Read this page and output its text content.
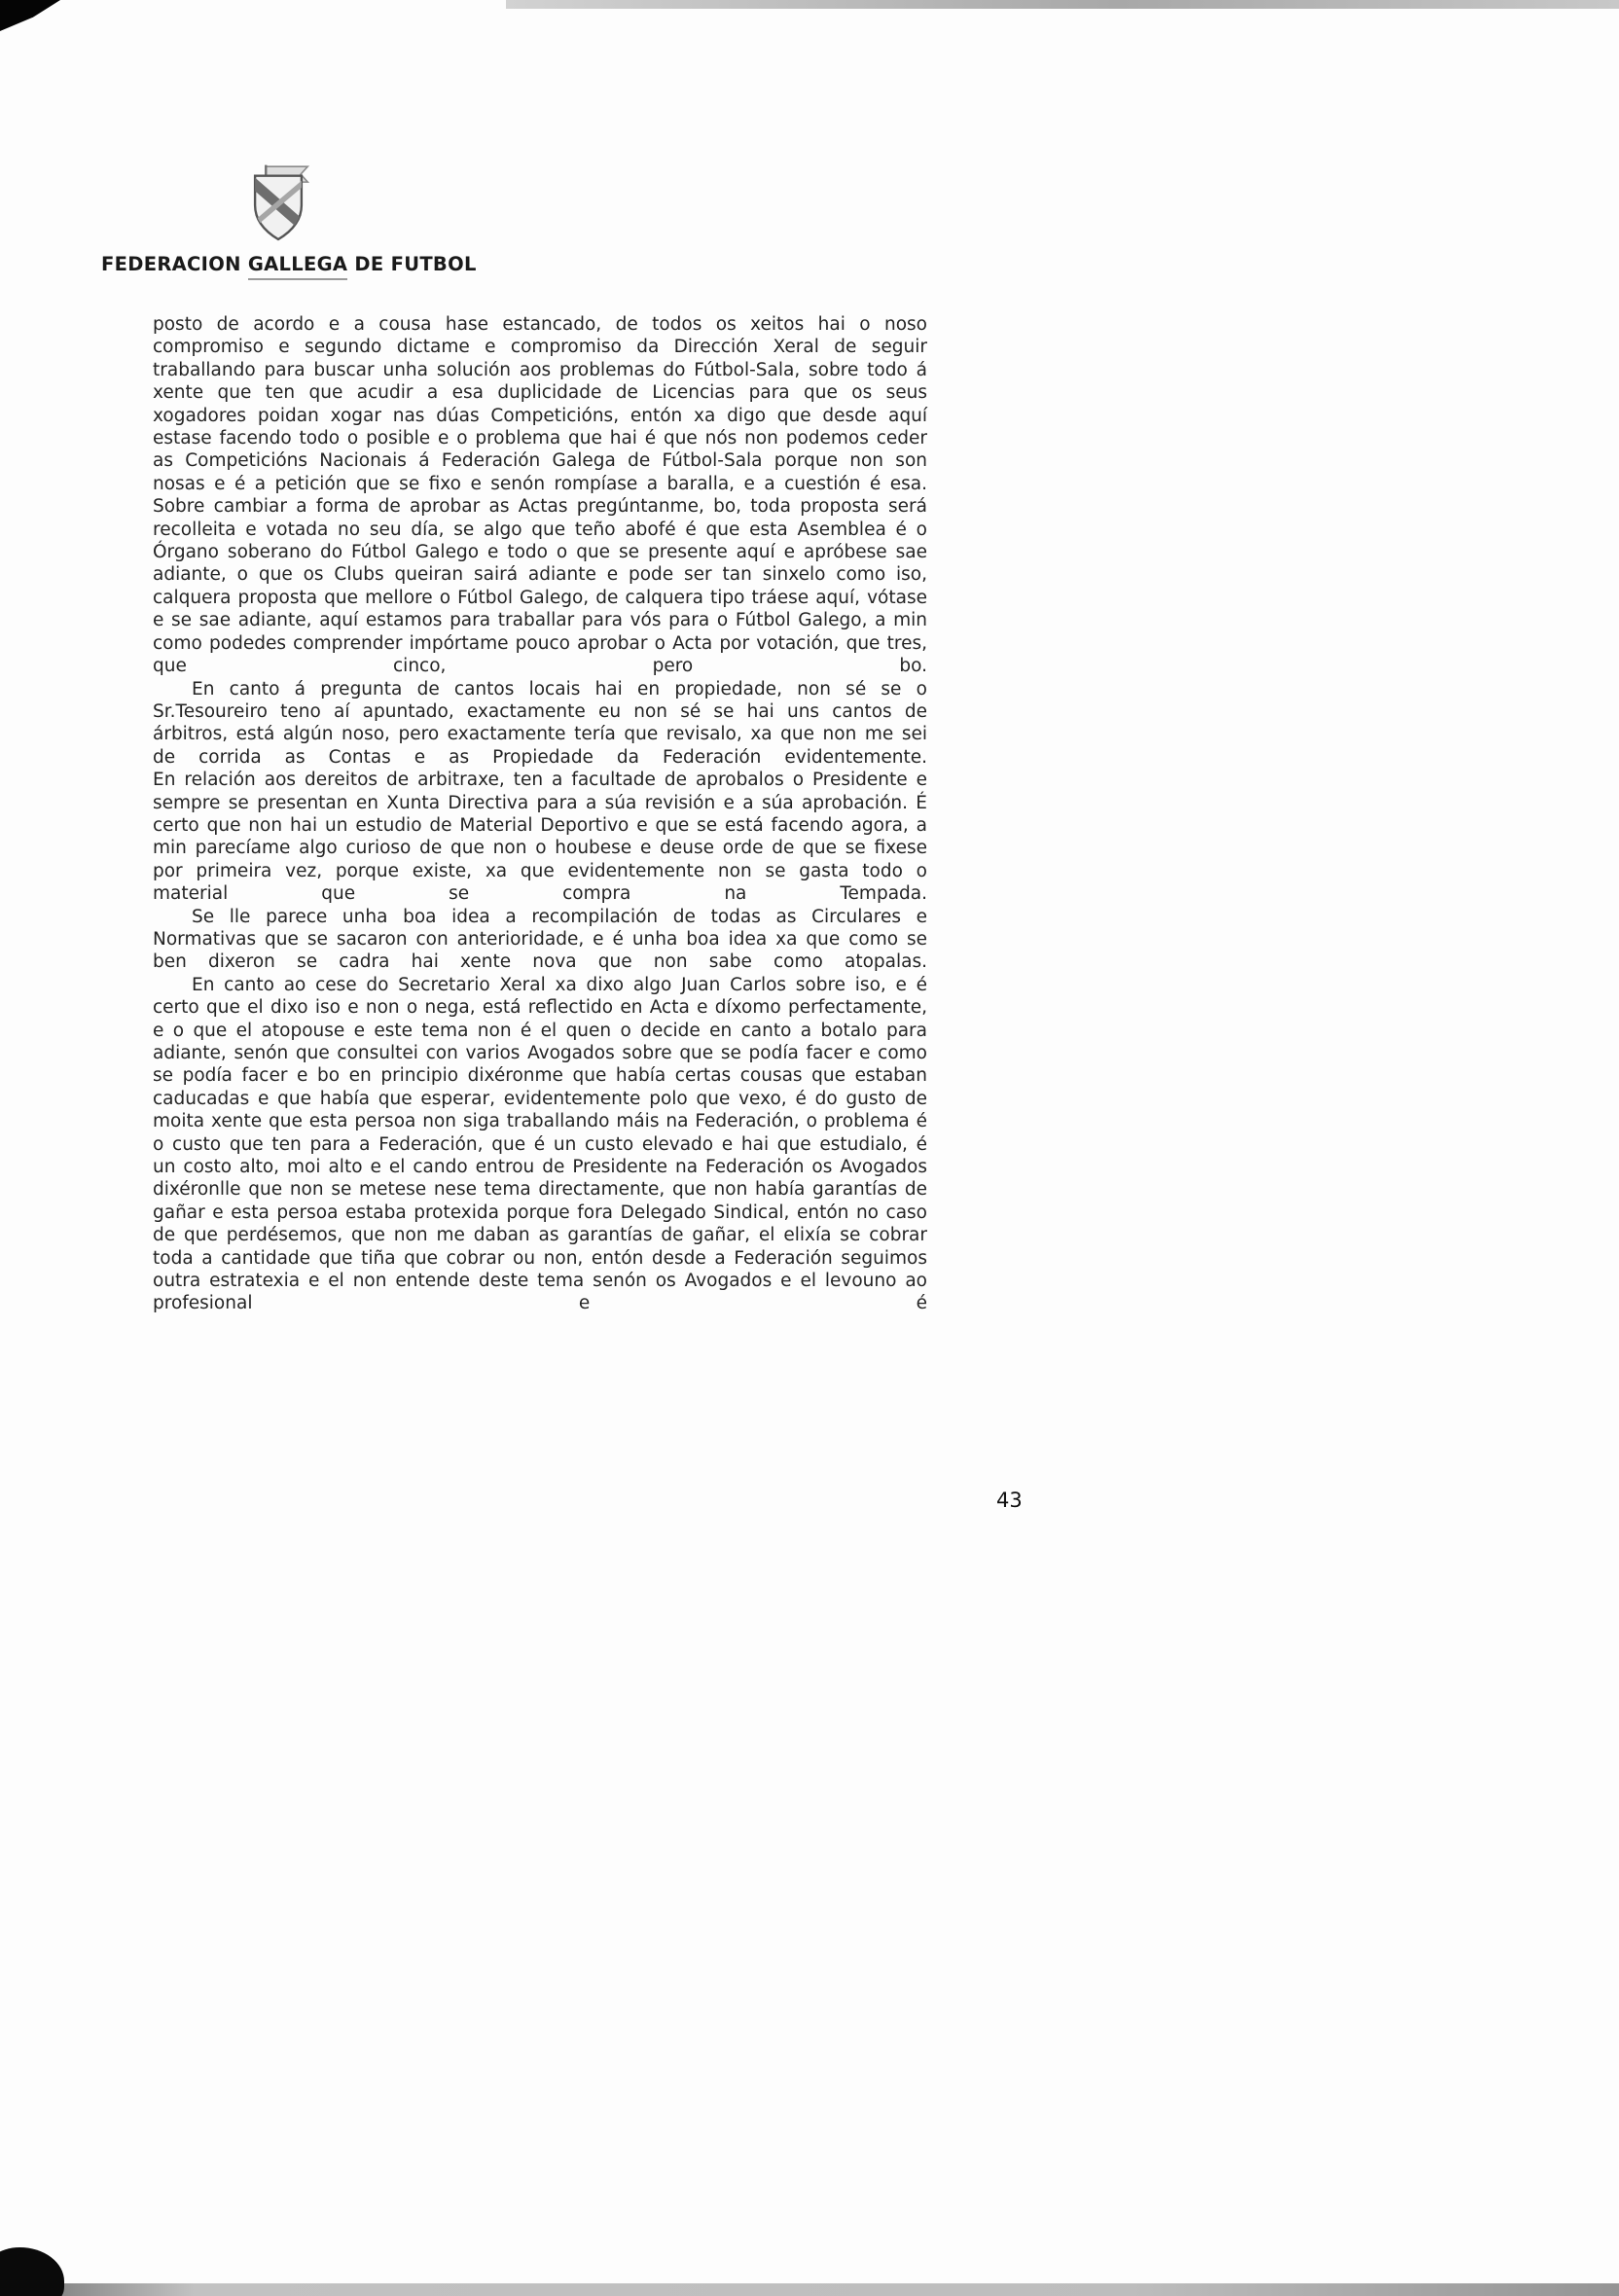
FEDERACION GALLEGA DE FUTBOL

posto de acordo e a cousa hase estancado, de todos os xeitos hai o noso compromiso e segundo dictame e compromiso da Dirección Xeral de seguir traballando para buscar unha solución aos problemas do Fútbol-Sala, sobre todo á xente que ten que acudir a esa duplicidade de Licencias para que os seus xogadores poidan xogar nas dúas Competicións, entón xa digo que desde aquí estase facendo todo o posible e o problema que hai é que nós non podemos ceder as Competicións Nacionais á Federación Galega de Fútbol-Sala porque non son nosas e é a petición que se fixo e senón rompíase a baralla, e a cuestión é esa. Sobre cambiar a forma de aprobar as Actas pregúntanme, bo, toda proposta será recolleita e votada no seu día, se algo que teño abofé é que esta Asemblea é o Órgano soberano do Fútbol Galego e todo o que se presente aquí e apróbese sae adiante, o que os Clubs queiran sairá adiante e pode ser tan sinxelo como iso, calquera proposta que mellore o Fútbol Galego, de calquera tipo tráese aquí, vótase e se sae adiante, aquí estamos para traballar para vós para o Fútbol Galego, a min como podedes comprender impórtame pouco aprobar o Acta por votación, que tres, que cinco, pero bo.

En canto á pregunta de cantos locais hai en propiedade, non sé se o Sr.Tesoureiro teno aí apuntado, exactamente eu non sé se hai uns cantos de árbitros, está algún noso, pero exactamente tería que revisalo, xa que non me sei de corrida as Contas e as Propiedade da Federación evidentemente.

En relación aos dereitos de arbitraxe, ten a facultade de aprobalos o Presidente e sempre se presentan en Xunta Directiva para a súa revisión e a súa aprobación. É certo que non hai un estudio de Material Deportivo e que se está facendo agora, a min parecíame algo curioso de que non o houbese e deuse orde de que se fixese por primeira vez, porque existe, xa que evidentemente non se gasta todo o material que se compra na Tempada.

Se lle parece unha boa idea a recompilación de todas as Circulares e Normativas que se sacaron con anterioridade, e é unha boa idea xa que como se ben dixeron se cadra hai xente nova que non sabe como atopalas.

En canto ao cese do Secretario Xeral xa dixo algo Juan Carlos sobre iso, e é certo que el dixo iso e non o nega, está reflectido en Acta e díxomo perfectamente, e o que el atopouse e este tema non é el quen o decide en canto a botalo para adiante, senón que consultei con varios Avogados sobre que se podía facer e como se podía facer e bo en principio dixéronme que había certas cousas que estaban caducadas e que había que esperar, evidentemente polo que vexo, é do gusto de moita xente que esta persoa non siga traballando máis na Federación, o problema é o custo que ten para a Federación, que é un custo elevado e hai que estudialo, é un costo alto, moi alto e el cando entrou de Presidente na Federación os Avogados dixéronlle que non se metese nese tema directamente, que non había garantías de gañar e esta persoa estaba protexida porque fora Delegado Sindical, entón no caso de que perdésemos, que non me daban as garantías de gañar, el elixía se cobrar toda a cantidade que tiña que cobrar ou non, entón desde a Federación seguimos outra estratexia e el non entende deste tema senón os Avogados e el levouno ao profesional e é

43
